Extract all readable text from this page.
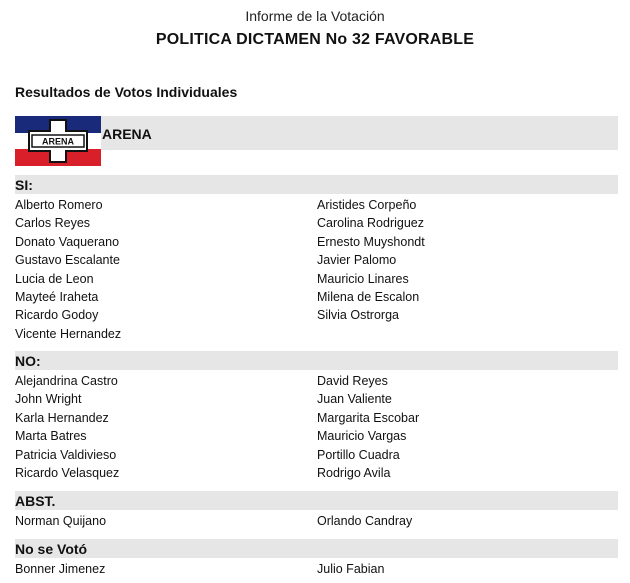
Informe de la Votación
POLITICA DICTAMEN No 32 FAVORABLE
Resultados de Votos Individuales
ARENA ARENA
SI:
Alberto Romero
Carlos Reyes
Donato Vaquerano
Gustavo Escalante
Lucia de Leon
Mayteé Iraheta
Ricardo Godoy
Vicente Hernandez
Aristides Corpeño
Carolina Rodriguez
Ernesto Muyshondt
Javier Palomo
Mauricio Linares
Milena de Escalon
Silvia Ostrorga
NO:
Alejandrina Castro
John Wright
Karla Hernandez
Marta Batres
Patricia Valdivieso
Ricardo Velasquez
David Reyes
Juan Valiente
Margarita Escobar
Mauricio Vargas
Portillo Cuadra
Rodrigo Avila
ABST.
Norman Quijano	Orlando Candray
No se Votó
Bonner Jimenez	Julio Fabian
